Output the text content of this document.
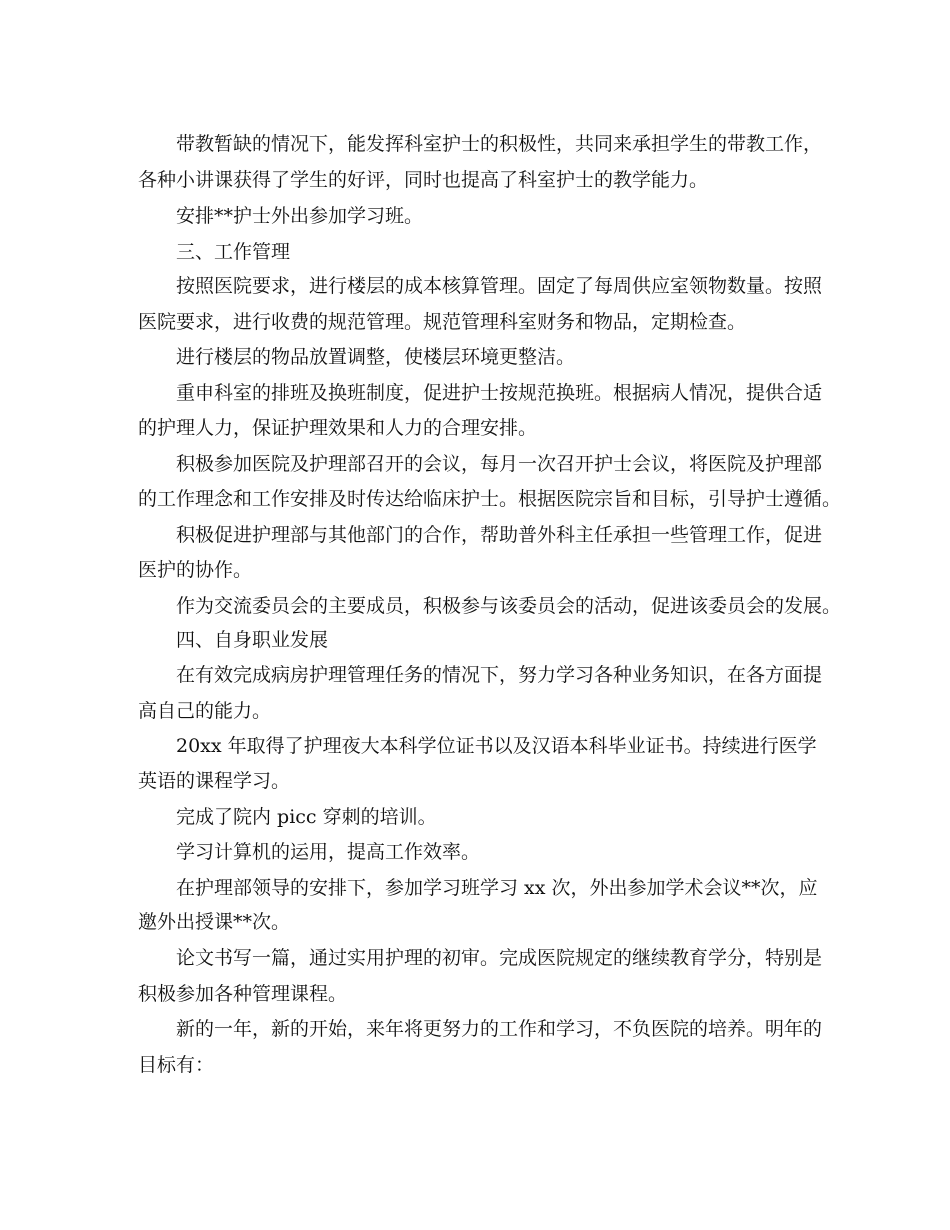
带教暂缺的情况下，能发挥科室护士的积极性，共同来承担学生的带教工作，
各种小讲课获得了学生的好评，同时也提高了科室护士的教学能力。
安排**护士外出参加学习班。
三、工作管理
按照医院要求，进行楼层的成本核算管理。固定了每周供应室领物数量。按照
医院要求，进行收费的规范管理。规范管理科室财务和物品，定期检查。
进行楼层的物品放置调整，使楼层环境更整洁。
重申科室的排班及换班制度，促进护士按规范换班。根据病人情况，提供合适
的护理人力，保证护理效果和人力的合理安排。
积极参加医院及护理部召开的会议，每月一次召开护士会议，将医院及护理部
的工作理念和工作安排及时传达给临床护士。根据医院宗旨和目标，引导护士遵循。
积极促进护理部与其他部门的合作，帮助普外科主任承担一些管理工作，促进
医护的协作。
作为交流委员会的主要成员，积极参与该委员会的活动，促进该委员会的发展。
四、自身职业发展
在有效完成病房护理管理任务的情况下，努力学习各种业务知识，在各方面提
高自己的能力。
20xx 年取得了护理夜大本科学位证书以及汉语本科毕业证书。持续进行医学
英语的课程学习。
完成了院内 picc 穿刺的培训。
学习计算机的运用，提高工作效率。
在护理部领导的安排下，参加学习班学习 xx 次，外出参加学术会议**次，应
邀外出授课**次。
论文书写一篇，通过实用护理的初审。完成医院规定的继续教育学分，特别是
积极参加各种管理课程。
新的一年，新的开始，来年将更努力的工作和学习，不负医院的培养。明年的
目标有：
